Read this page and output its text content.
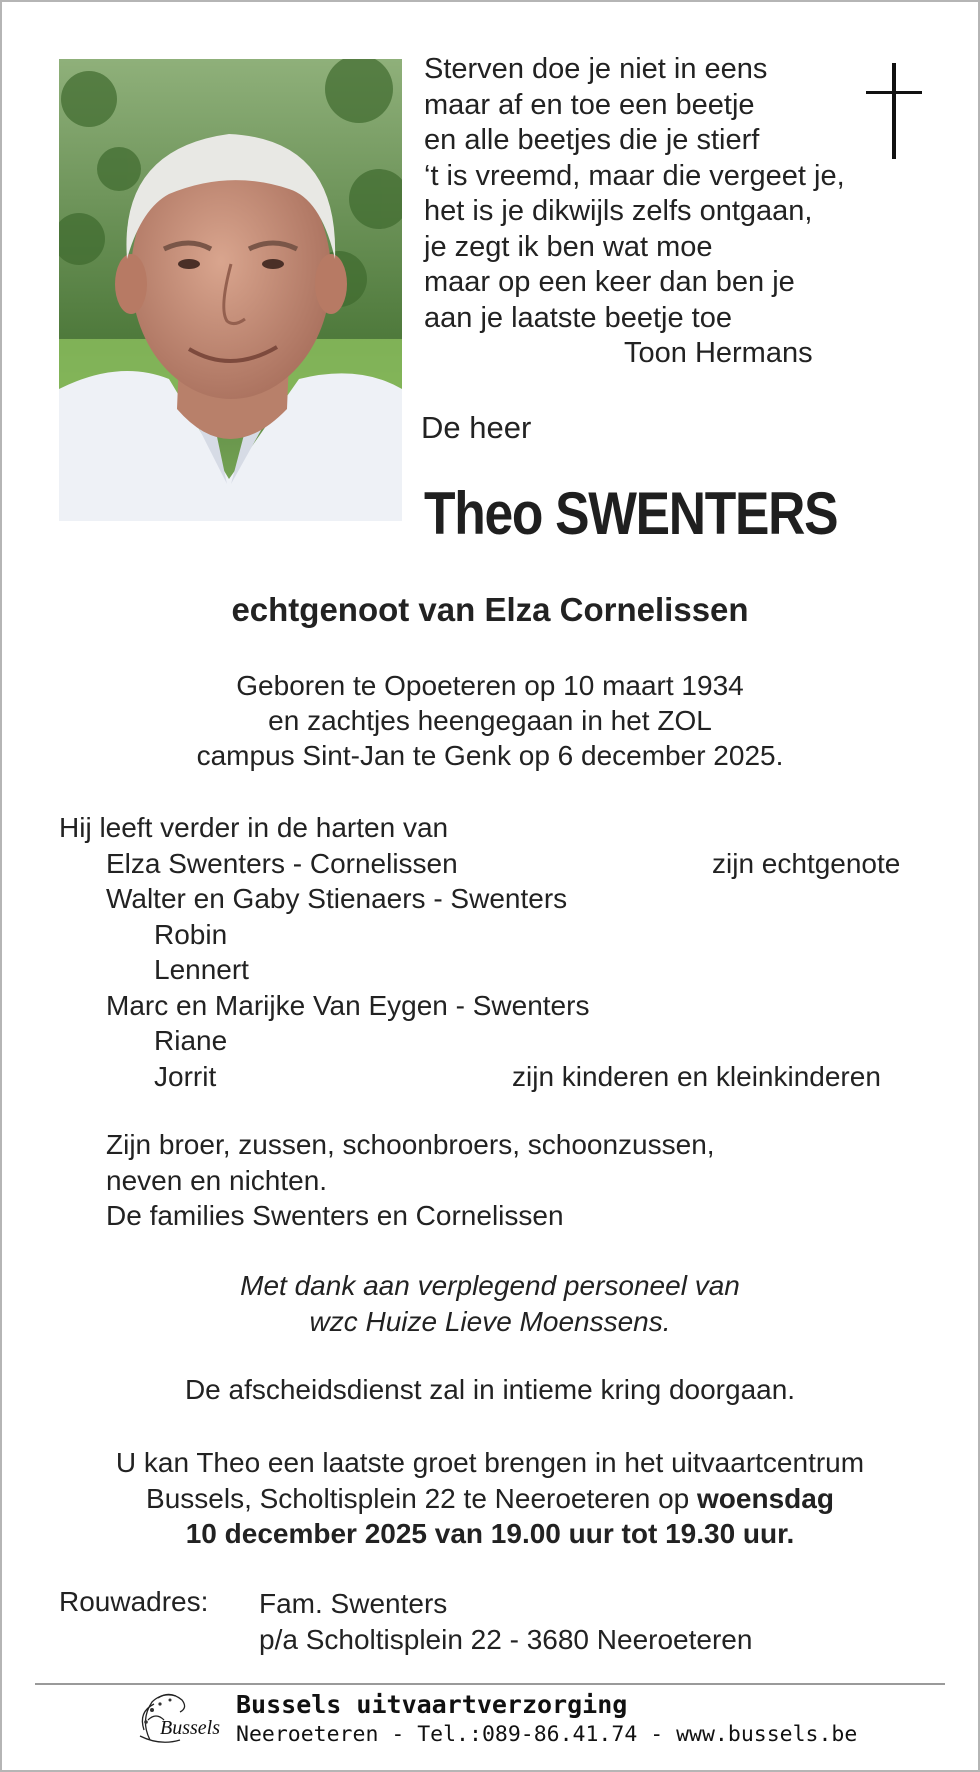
Sterven doe je niet in eens
maar af en toe een beetje
en alle beetjes die je stierf
‘t is vreemd, maar die vergeet je,
het is je dikwijls zelfs ontgaan,
je zegt ik ben wat moe
maar op een keer dan ben je
aan je laatste beetje toe
Toon Hermans
De heer
Theo SWENTERS
echtgenoot van Elza Cornelissen
Geboren te Opoeteren op 10 maart 1934
en zachtjes heengegaan in het ZOL
campus Sint-Jan te Genk op 6 december 2025.
Hij leeft verder in de harten van
Elza Swenters - Cornelissen	zijn echtgenote
Walter en Gaby Stienaers - Swenters
Robin
Lennert
Marc en Marijke Van Eygen - Swenters
Riane
Jorrit	zijn kinderen en kleinkinderen
Zijn broer, zussen, schoonbroers, schoonzussen,
neven en nichten.
De families Swenters en Cornelissen
Met dank aan verplegend personeel van
wzc Huize Lieve Moenssens.
De afscheidsdienst zal in intieme kring doorgaan.
U kan Theo een laatste groet brengen in het uitvaartcentrum
Bussels, Scholtisplein 22 te Neeroeteren op woensdag
10 december 2025 van 19.00 uur tot 19.30 uur.
Rouwadres: Fam. Swenters
p/a Scholtisplein 22 - 3680 Neeroeteren
Bussels
Bussels uitvaartverzorging
Neeroeteren - Tel.:089-86.41.74 - www.bussels.be
